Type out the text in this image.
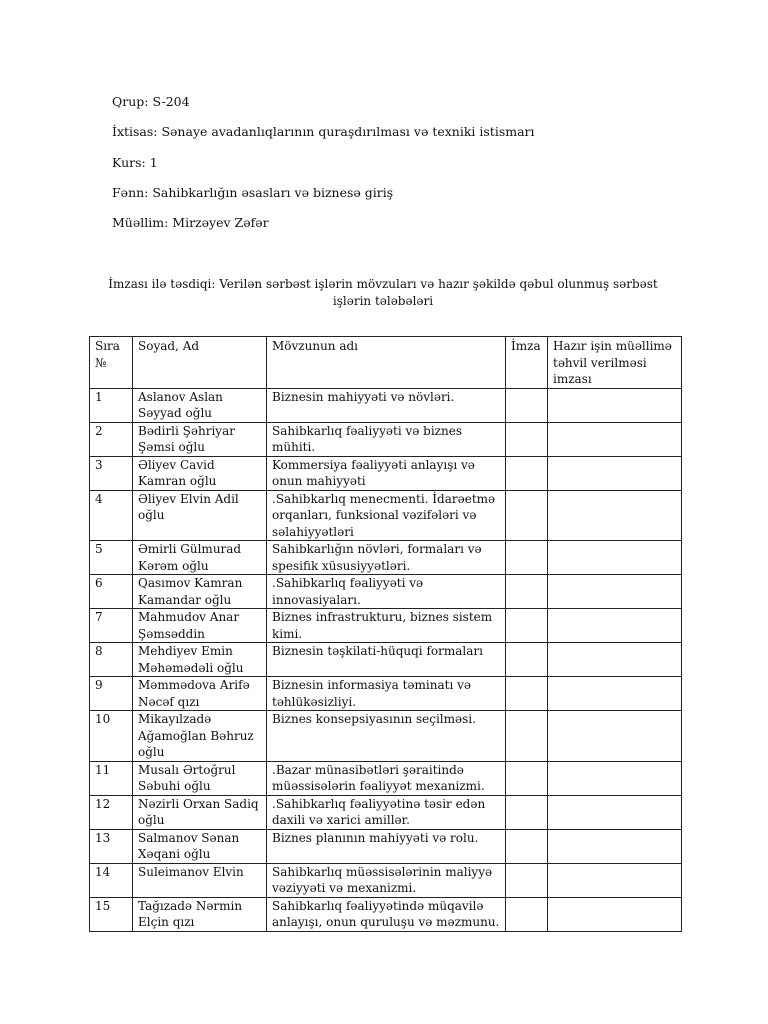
Qrup: S-204
İxtisas: Sənaye avadanlıqlarının quraşdırılması və texniki istismarı
Kurs: 1
Fənn: Sahibkarlığın əsasları və biznesə giriş
Müəllim: Mirzəyev Zəfər
İmzası ilə təsdiqi: Verilən sərbəst işlərin mövzuları və hazır şəkildə qəbul olunmuş sərbəst işlərin tələbələri
Sıra №	Soyad, Ad	Mövzunun adı	İmza	Hazır işin müəllimə təhvil verilməsi imzası
1	Aslanov Aslan Səyyad oğlu	Biznesin mahiyyəti və növləri.		
2	Bədirli Şəhriyar Şəmsi oğlu	Sahibkarlıq fəaliyyəti və biznes mühiti.		
3	Əliyev Cavid Kamran oğlu	Kommersiya fəaliyyəti anlayışı və onun mahiyyəti		
4	Əliyev Elvin Adil oğlu	.Sahibkarlıq menecmenti. İdarəetmə orqanları, funksional vəzifələri və səlahiyyətləri		
5	Əmirli Gülmurad Kərəm oğlu	Sahibkarlığın növləri, formaları və spesifik xüsusiyyətləri.		
6	Qasımov Kamran Kamandar oğlu	.Sahibkarlıq fəaliyyəti və innovasiyaları.		
7	Mahmudov Anar Şəmsəddin	Biznes infrastrukturu, biznes sistem kimi.		
8	Mehdiyev Emin Məhəmədəli oğlu	Biznesin təşkilati-hüquqi formaları		
9	Məmmədova Arifə Nəcəf qızı	Biznesin informasiya təminatı və təhlükəsizliyi.		
10	Mikayılzadə Ağamoğlan Bəhruz oğlu	Biznes konsepsiyasının seçilməsi.		
11	Musalı Ərtoğrul Səbuhi oğlu	.Bazar münasibətləri şəraitində müəssisələrin fəaliyyət mexanizmi.		
12	Nəzirli Orxan Sadiq oğlu	.Sahibkarlıq fəaliyyətinə təsir edən daxili və xarici amillər.		
13	Salmanov Sənan Xəqani oğlu	Biznes planının mahiyyəti və rolu.		
14	Suleimanov Elvin	Sahibkarlıq müəssisələrinin maliyyə vəziyyəti və mexanizmi.		
15	Tağızadə Nərmin Elçin qızı	Sahibkarlıq fəaliyyətində müqavilə anlayışı, onun quruluşu və məzmunu.		
